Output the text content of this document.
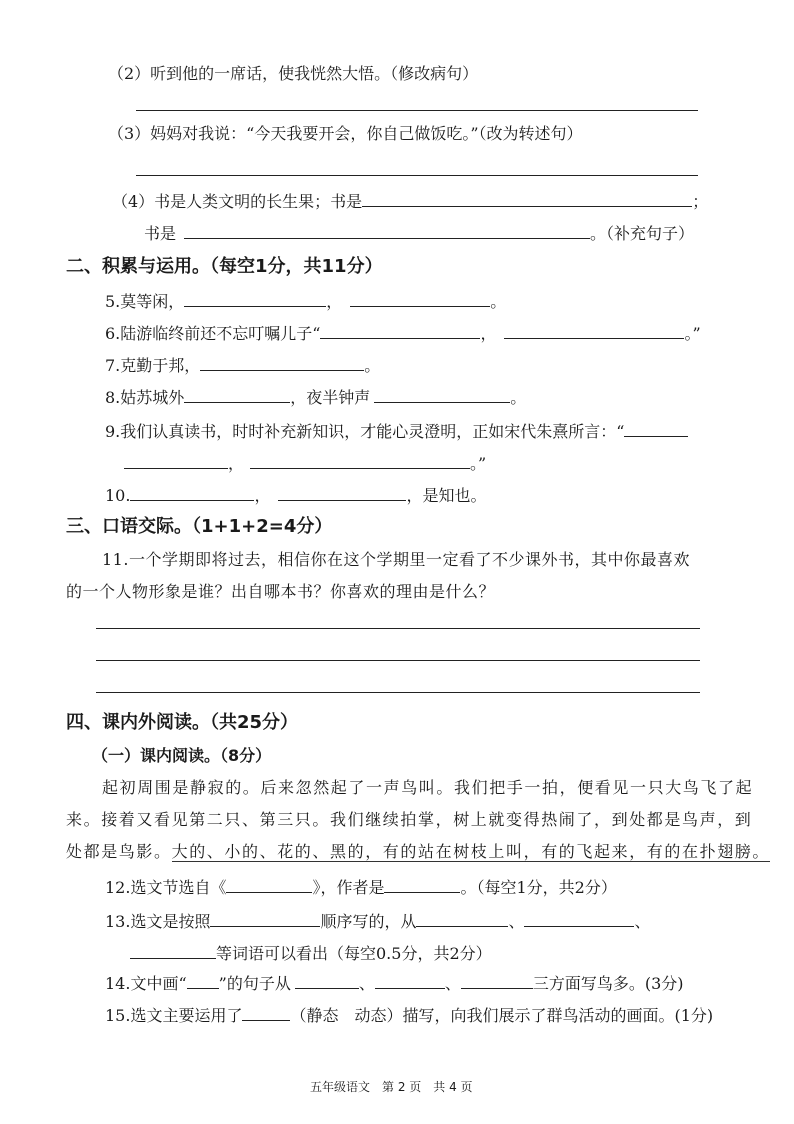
（2）听到他的一席话，使我恍然大悟。（修改病句）
（3）妈妈对我说：“今天我要开会，你自己做饭吃。”（改为转述句）
（4）书是人类文明的长生果；书是	；
书是	。（补充句子）
二、积累与运用。（每空1分，共11分）
5.莫等闲，	，	。
6.陆游临终前还不忘叮嘱儿子“	，	。”
7.克勤于邦，	。
8.姑苏城外	，夜半钟声	。
9.我们认真读书，时时补充新知识，才能心灵澄明，正如宋代朱熹所言：“
，	。”
10.	，	，是知也。
三、口语交际。（1+1+2=4分）
11.一个学期即将过去，相信你在这个学期里一定看了不少课外书，其中你最喜欢
的一个人物形象是谁？出自哪本书？你喜欢的理由是什么？
四、课内外阅读。（共25分）
（一）课内阅读。（8分）
起初周围是静寂的。后来忽然起了一声鸟叫。我们把手一拍，便看见一只大鸟飞了起
来。接着又看见第二只、第三只。我们继续拍掌，树上就变得热闹了，到处都是鸟声，到
处都是鸟影。大的、小的、花的、黑的，有的站在树枝上叫，有的飞起来，有的在扑翅膀。
12.选文节选自《	》，作者是	。（每空1分，共2分）
13.选文是按照	顺序写的，从	、	、
等词语可以看出（每空0.5分，共2分）
14.文中画“ ”的句子从	、	、	三方面写鸟多。(3分)
15.选文主要运用了	（静态　动态）描写，向我们展示了群鸟活动的画面。(1分)
五年级语文　第 2 页　共 4 页
